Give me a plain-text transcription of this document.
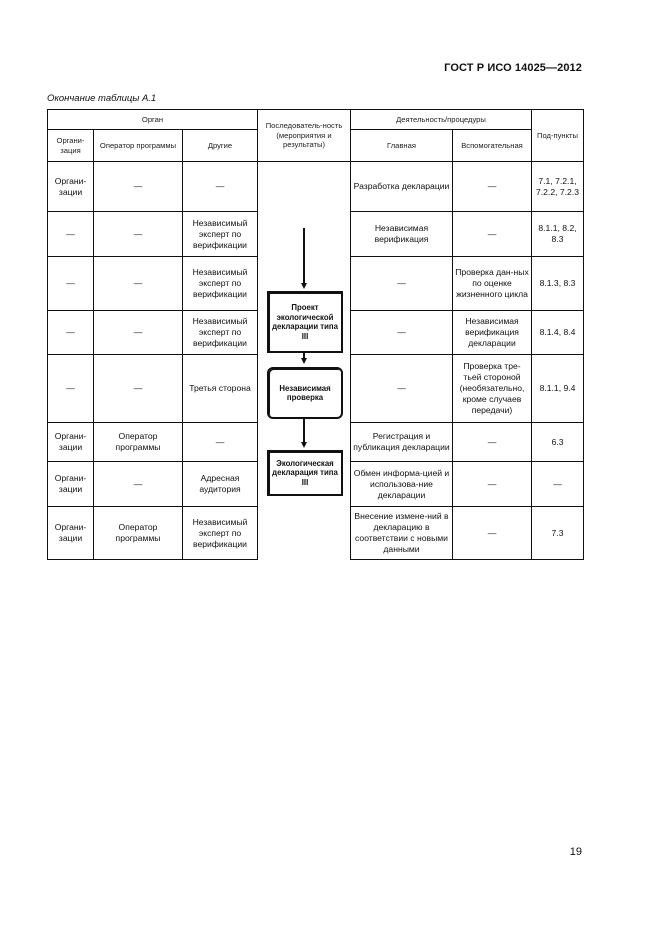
ГОСТ Р ИСО 14025—2012
Окончание таблицы А.1
Орган			Последователь-ность (мероприятия и результаты)	Деятельность/процедуры		Под-пункты
Органи-зация	Оператор программы	Другие		Главная	Вспомогательная	
Органи-зации	—	—		Разработка декларации	—	7.1, 7.2.1, 7.2.2, 7.2.3
—	—	Независимый эксперт по верификации		Независимая верификация	—	8.1.1, 8.2, 8.3
—	—	Независимый эксперт по верификации		—	Проверка дан-ных по оценке жизненного цикла	8.1.3, 8.3
—	—	Независимый эксперт по верификации		—	Независимая верификация декларации	8.1.4, 8.4
—	—	Третья сторона		—	Проверка тре-тьей стороной (необязательно, кроме случаев передачи)	8.1.1, 9.4
Органи-зации	Оператор программы	—		Регистрация и публикация декларации	—	6.3
Органи-зации	—	Адресная аудитория		Обмен информа-цией и использова-ние декларации	—	—
Органи-зации	Оператор программы	Независимый эксперт по верификации		Внесение измене-ний в декларацию в соответствии с новыми данными	—	7.3
Проект экологической декларации типа III
Независимая проверка
Экологическая декларация типа III
19
